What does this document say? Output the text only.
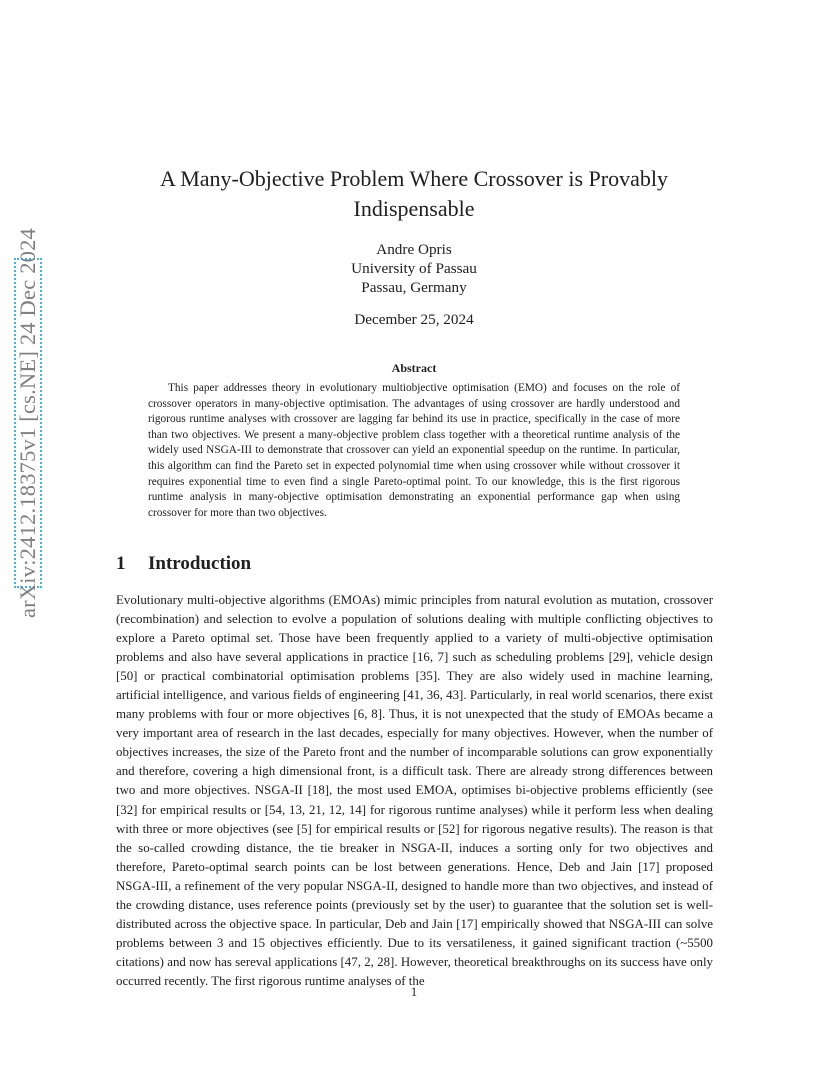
arXiv:2412.18375v1 [cs.NE] 24 Dec 2024
A Many-Objective Problem Where Crossover is Provably Indispensable
Andre Opris
University of Passau
Passau, Germany
December 25, 2024
Abstract

This paper addresses theory in evolutionary multiobjective optimisation (EMO) and focuses on the role of crossover operators in many-objective optimisation. The advantages of using crossover are hardly understood and rigorous runtime analyses with crossover are lagging far behind its use in practice, specifically in the case of more than two objectives. We present a many-objective problem class together with a theoretical runtime analysis of the widely used NSGA-III to demonstrate that crossover can yield an exponential speedup on the runtime. In particular, this algorithm can find the Pareto set in expected polynomial time when using crossover while without crossover it requires exponential time to even find a single Pareto-optimal point. To our knowledge, this is the first rigorous runtime analysis in many-objective optimisation demonstrating an exponential performance gap when using crossover for more than two objectives.

1 Introduction

Evolutionary multi-objective algorithms (EMOAs) mimic principles from natural evolution as mutation, crossover (recombination) and selection to evolve a population of solutions dealing with multiple conflicting objectives to explore a Pareto optimal set. Those have been frequently applied to a variety of multi-objective optimisation problems and also have several applications in practice [16, 7] such as scheduling problems [29], vehicle design [50] or practical combinatorial optimisation problems [35]. They are also widely used in machine learning, artificial intelligence, and various fields of engineering [41, 36, 43]. Particularly, in real world scenarios, there exist many problems with four or more objectives [6, 8]. Thus, it is not unexpected that the study of EMOAs became a very important area of research in the last decades, especially for many objectives. However, when the number of objectives increases, the size of the Pareto front and the number of incomparable solutions can grow exponentially and therefore, covering a high dimensional front, is a difficult task. There are already strong differences between two and more objectives. NSGA-II [18], the most used EMOA, optimises bi-objective problems efficiently (see [32] for empirical results or [54, 13, 21, 12, 14] for rigorous runtime analyses) while it perform less when dealing with three or more objectives (see [5] for empirical results or [52] for rigorous negative results). The reason is that the so-called crowding distance, the tie breaker in NSGA-II, induces a sorting only for two objectives and therefore, Pareto-optimal search points can be lost between generations. Hence, Deb and Jain [17] proposed NSGA-III, a refinement of the very popular NSGA-II, designed to handle more than two objectives, and instead of the crowding distance, uses reference points (previously set by the user) to guarantee that the solution set is well-distributed across the objective space. In particular, Deb and Jain [17] empirically showed that NSGA-III can solve problems between 3 and 15 objectives efficiently. Due to its versatileness, it gained significant traction (~5500 citations) and now has sereval applications [47, 2, 28]. However, theoretical breakthroughs on its success have only occurred recently. The first rigorous runtime analyses of the

1
